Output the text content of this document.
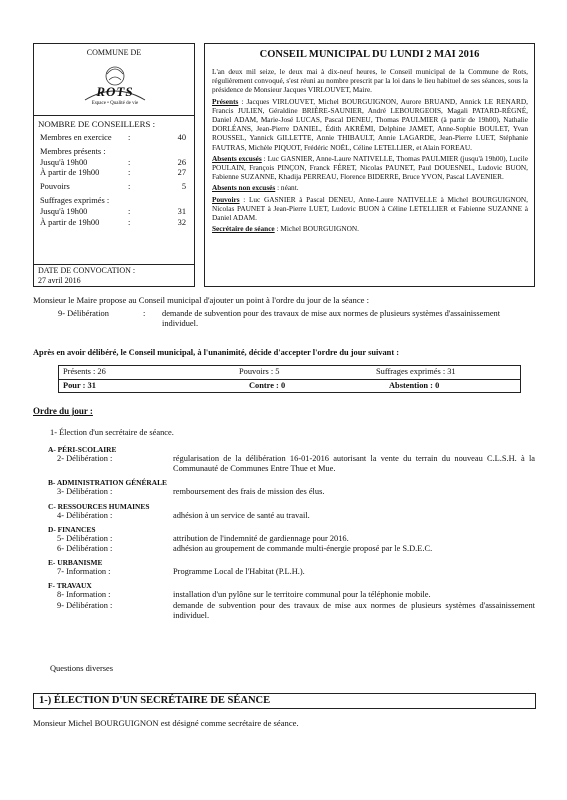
COMMUNE DE
ROTS
Espace • Qualité de vie
NOMBRE DE CONSEILLERS :
Membres en exercice :	40
Membres présents :
Jusqu'à 19h00	:	26
À partir de 19h00	:	27
Pouvoirs	:	5
Suffrages exprimés :
Jusqu'à 19h00	:	31
À partir de 19h00	:	32
DATE DE CONVOCATION :
27 avril 2016
CONSEIL MUNICIPAL DU LUNDI 2 MAI 2016
L'an deux mil seize, le deux mai à dix-neuf heures, le Conseil municipal de la Commune de Rots, régulièrement convoqué, s'est réuni au nombre prescrit par la loi dans le lieu habituel de ses séances, sous la présidence de Monsieur Jacques VIRLOUVET, Maire.
Présents : Jacques VIRLOUVET, Michel BOURGUIGNON, Aurore BRUAND, Annick LE RENARD, Francis JULIEN, Géraldine BRIÈRE-SAUNIER, André LEBOURGEOIS, Magali PATARD-RÉGNÉ, Daniel ADAM, Marie-José LUCAS, Pascal DENEU, Thomas PAULMIER (à partir de 19h00), Nathalie DORLÉANS, Jean-Pierre DANIEL, Édith AKRÉMI, Delphine JAMET, Anne-Sophie BOULET, Yvan ROUSSEL, Yannick GILLETTE, Annie THIBAULT, Annie LAGARDE, Jean-Pierre LUET, Stéphanie FAUTRAS, Michèle PIQUOT, Frédéric NOËL, Céline LETELLIER, et Alain FOREAU.
Absents excusés : Luc GASNIER, Anne-Laure NATIVELLE, Thomas PAULMIER (jusqu'à 19h00), Lucile POULAIN, François PINÇON, Franck FÉRET, Nicolas PAUNET, Paul DOUESNEL, Ludovic BUON, Fabienne SUZANNE, Khadija PERREAU, Florence BIDERRE, Bruce YVON, Pascal LAVENIER.
Absents non excusés : néant.
Pouvoirs : Luc GASNIER à Pascal DENEU, Anne-Laure NATIVELLE à Michel BOURGUIGNON, Nicolas PAUNET à Jean-Pierre LUET, Ludovic BUON à Céline LETELLIER et Fabienne SUZANNE à Daniel ADAM.
Secrétaire de séance : Michel BOURGUIGNON.
Monsieur le Maire propose au Conseil municipal d'ajouter un point à l'ordre du jour de la séance :
9- Délibération	: demande de subvention pour des travaux de mise aux normes de plusieurs systèmes d'assainissement individuel.
Après en avoir délibéré, le Conseil municipal, à l'unanimité, décide d'accepter l'ordre du jour suivant :
Présents : 26	Pouvoirs : 5	Suffrages exprimés : 31
Pour : 31	Contre : 0	Abstention : 0
Ordre du jour :
1- Élection d'un secrétaire de séance.
A- PÉRI-SCOLAIRE
2- Délibération :	régularisation de la délibération 16-01-2016 autorisant la vente du terrain du nouveau C.L.S.H. à la Communauté de Communes Entre Thue et Mue.
B- ADMINISTRATION GÉNÉRALE
3- Délibération :	remboursement des frais de mission des élus.
C- RESSOURCES HUMAINES
4- Délibération :	adhésion à un service de santé au travail.
D- FINANCES
5- Délibération :	attribution de l'indemnité de gardiennage pour 2016.
6- Délibération :	adhésion au groupement de commande multi-énergie proposé par le S.D.E.C.
E- URBANISME
7- Information :	Programme Local de l'Habitat (P.L.H.).
F- TRAVAUX
8- Information :	installation d'un pylône sur le territoire communal pour la téléphonie mobile.
9- Délibération :	demande de subvention pour des travaux de mise aux normes de plusieurs systèmes d'assainissement individuel.
Questions diverses
1-) ÉLECTION D'UN SECRÉTAIRE DE SÉANCE
Monsieur Michel BOURGUIGNON est désigné comme secrétaire de séance.
